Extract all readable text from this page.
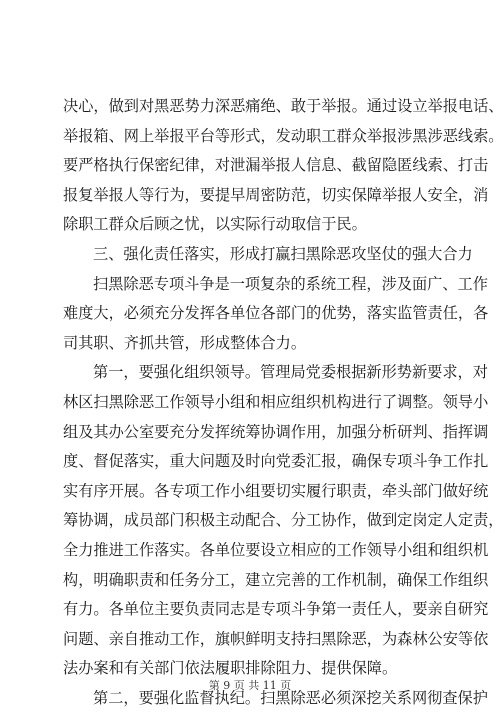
决心，做到对黑恶势力深恶痛绝、敢于举报。通过设立举报电话、
举报箱、网上举报平台等形式，发动职工群众举报涉黑涉恶线索。
要严格执行保密纪律，对泄漏举报人信息、截留隐匿线索、打击
报复举报人等行为，要提早周密防范，切实保障举报人安全，消
除职工群众后顾之忧，以实际行动取信于民。
三、强化责任落实，形成打赢扫黑除恶攻坚仗的强大合力
扫黑除恶专项斗争是一项复杂的系统工程，涉及面广、工作
难度大，必须充分发挥各单位各部门的优势，落实监管责任，各
司其职、齐抓共管，形成整体合力。
第一，要强化组织领导。管理局党委根据新形势新要求，对
林区扫黑除恶工作领导小组和相应组织机构进行了调整。领导小
组及其办公室要充分发挥统筹协调作用，加强分析研判、指挥调
度、督促落实，重大问题及时向党委汇报，确保专项斗争工作扎
实有序开展。各专项工作小组要切实履行职责，牵头部门做好统
筹协调，成员部门积极主动配合、分工协作，做到定岗定人定责，
全力推进工作落实。各单位要设立相应的工作领导小组和组织机
构，明确职责和任务分工，建立完善的工作机制，确保工作组织
有力。各单位主要负责同志是专项斗争第一责任人，要亲自研究
问题、亲自推动工作，旗帜鲜明支持扫黑除恶，为森林公安等依
法办案和有关部门依法履职排除阻力、提供保障。
第二，要强化监督执纪。扫黑除恶必须深挖关系网彻查保护
第 9 页 共 11 页
